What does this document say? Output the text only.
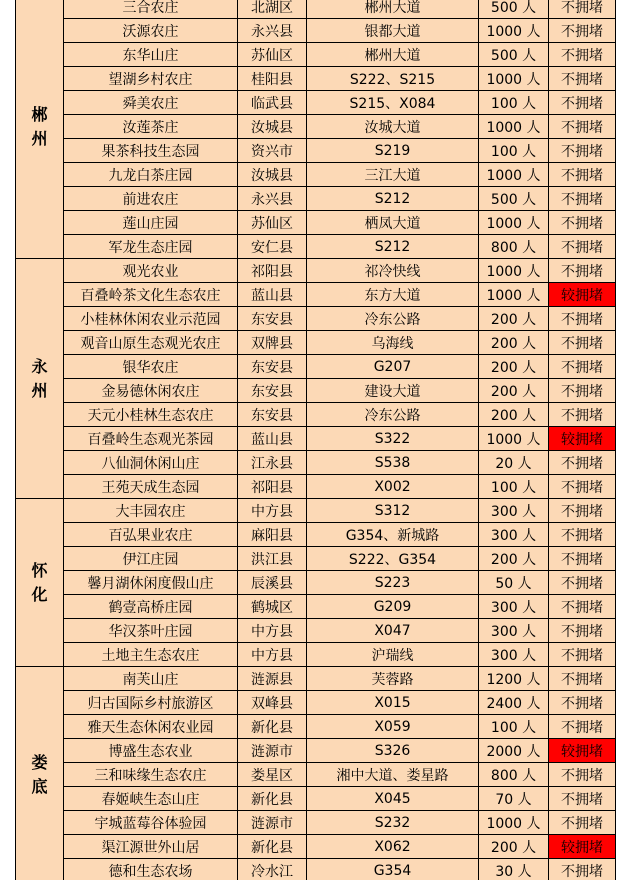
郴州	三合农庄	北湖区	郴州大道	500 人	不拥堵
	沃源农庄	永兴县	银都大道	1000 人	不拥堵
	东华山庄	苏仙区	郴州大道	500 人	不拥堵
	望湖乡村农庄	桂阳县	S222、S215	1000 人	不拥堵
	舜美农庄	临武县	S215、X084	100 人	不拥堵
	汝莲茶庄	汝城县	汝城大道	1000 人	不拥堵
	果茶科技生态园	资兴市	S219	100 人	不拥堵
	九龙白茶庄园	汝城县	三江大道	1000 人	不拥堵
	前进农庄	永兴县	S212	500 人	不拥堵
	莲山庄园	苏仙区	栖凤大道	1000 人	不拥堵
	军龙生态庄园	安仁县	S212	800 人	不拥堵
永州	观光农业	祁阳县	祁冷快线	1000 人	不拥堵
	百叠岭茶文化生态农庄	蓝山县	东方大道	1000 人	较拥堵
	小桂林休闲农业示范园	东安县	冷东公路	200 人	不拥堵
	观音山原生态观光农庄	双牌县	乌海线	200 人	不拥堵
	银华农庄	东安县	G207	200 人	不拥堵
	金易德休闲农庄	东安县	建设大道	200 人	不拥堵
	天元小桂林生态农庄	东安县	冷东公路	200 人	不拥堵
	百叠岭生态观光茶园	蓝山县	S322	1000 人	较拥堵
	八仙洞休闲山庄	江永县	S538	20 人	不拥堵
	王苑天成生态园	祁阳县	X002	100 人	不拥堵
怀化	大丰园农庄	中方县	S312	300 人	不拥堵
	百弘果业农庄	麻阳县	G354、新城路	300 人	不拥堵
	伊江庄园	洪江县	S222、G354	200 人	不拥堵
	馨月湖休闲度假山庄	辰溪县	S223	50 人	不拥堵
	鹤壹高桥庄园	鹤城区	G209	300 人	不拥堵
	华汉茶叶庄园	中方县	X047	300 人	不拥堵
	土地主生态农庄	中方县	沪瑞线	300 人	不拥堵
娄底	南芙山庄	涟源县	芙蓉路	1200 人	不拥堵
	归古国际乡村旅游区	双峰县	X015	2400 人	不拥堵
	雅天生态休闲农业园	新化县	X059	100 人	不拥堵
	博盛生态农业	涟源市	S326	2000 人	较拥堵
	三和味缘生态农庄	娄星区	湘中大道、娄星路	800 人	不拥堵
	春姬峡生态山庄	新化县	X045	70 人	不拥堵
	宇城蓝莓谷体验园	涟源市	S232	1000 人	不拥堵
	渠江源世外山居	新化县	X062	200 人	较拥堵
	德和生态农场	冷水江	G354	30 人	不拥堵
